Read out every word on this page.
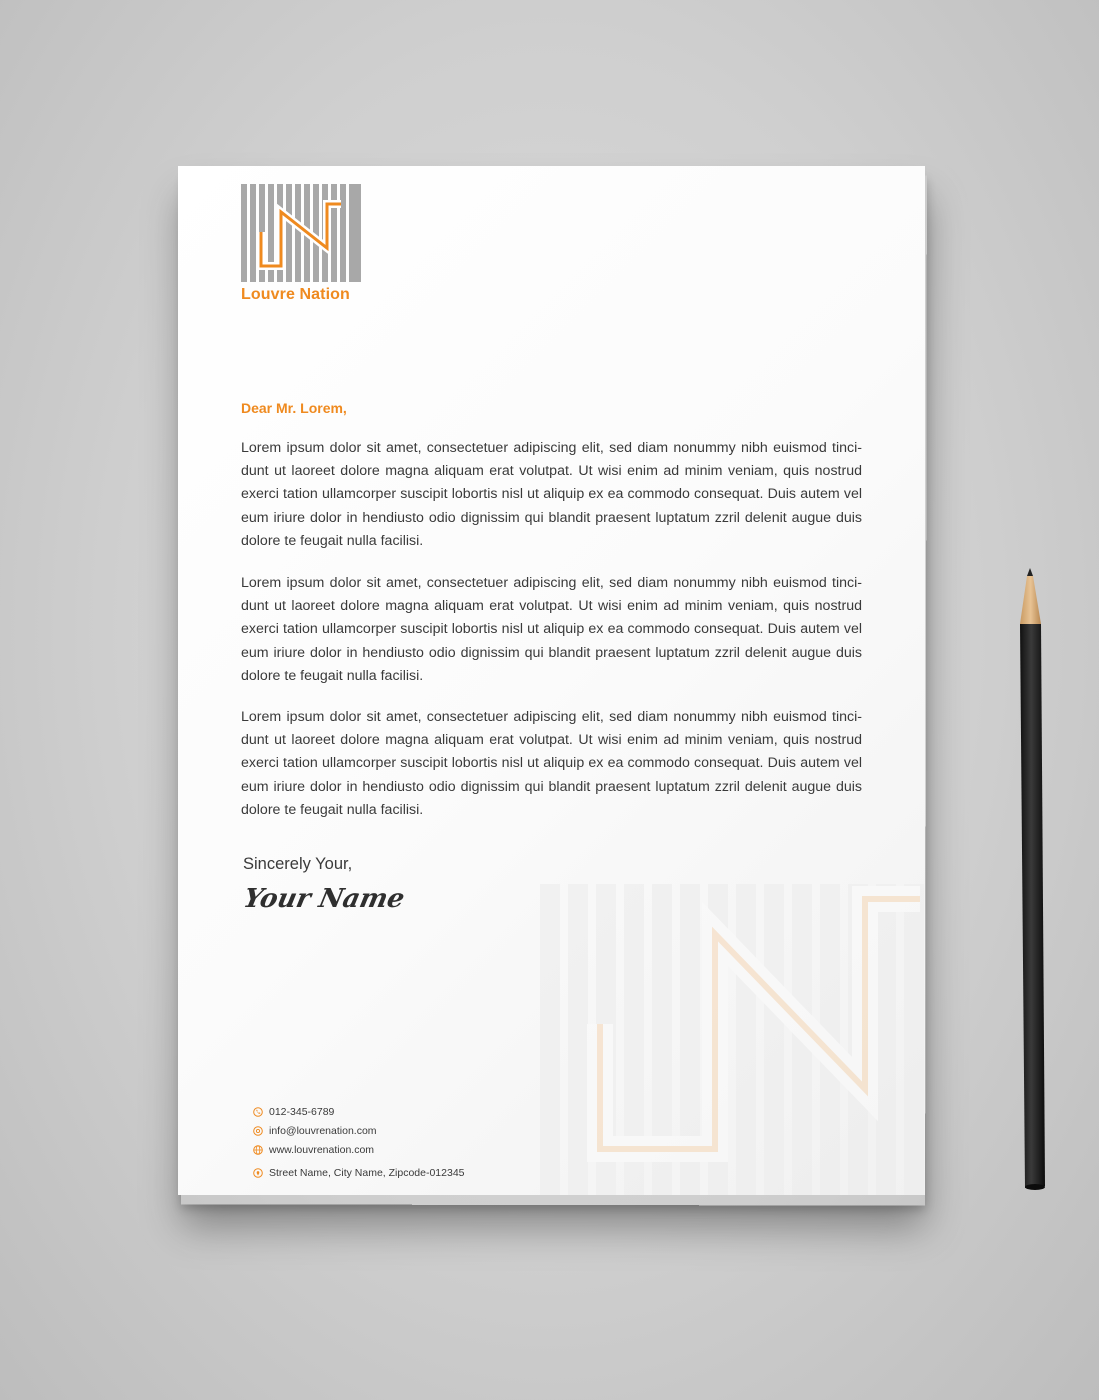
Louvre Nation
Dear Mr. Lorem,
Lorem ipsum dolor sit amet, consectetuer adipiscing elit, sed diam nonummy nibh euismod tinci-dunt ut laoreet dolore magna aliquam erat volutpat. Ut wisi enim ad minim veniam, quis nostrud exerci tation ullamcorper suscipit lobortis nisl ut aliquip ex ea commodo consequat. Duis autem vel eum iriure dolor in hendiusto odio dignissim qui blandit praesent luptatum zzril delenit augue duis dolore te feugait nulla facilisi.
Lorem ipsum dolor sit amet, consectetuer adipiscing elit, sed diam nonummy nibh euismod tinci-dunt ut laoreet dolore magna aliquam erat volutpat. Ut wisi enim ad minim veniam, quis nostrud exerci tation ullamcorper suscipit lobortis nisl ut aliquip ex ea commodo consequat. Duis autem vel eum iriure dolor in hendiusto odio dignissim qui blandit praesent luptatum zzril delenit augue duis dolore te feugait nulla facilisi.
Lorem ipsum dolor sit amet, consectetuer adipiscing elit, sed diam nonummy nibh euismod tinci-dunt ut laoreet dolore magna aliquam erat volutpat. Ut wisi enim ad minim veniam, quis nostrud exerci tation ullamcorper suscipit lobortis nisl ut aliquip ex ea commodo consequat. Duis autem vel eum iriure dolor in hendiusto odio dignissim qui blandit praesent luptatum zzril delenit augue duis dolore te feugait nulla facilisi.
Sincerely Your,
Your Name
012-345-6789
info@louvrenation.com
www.louvrenation.com
Street Name, City Name, Zipcode-012345
